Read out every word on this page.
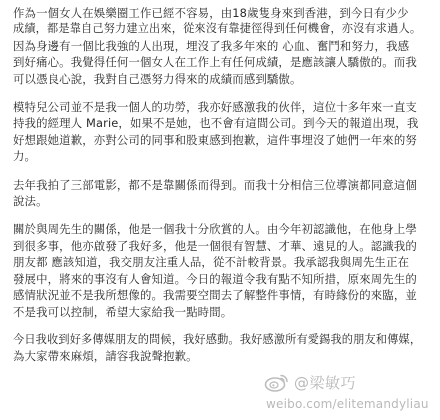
作為一個女人在娛樂圈工作已經不容易，由18歲隻身來到香港，到今日有少少
成績，都是靠自己努力建立出來，從來沒有靠捷徑得到任何機會，亦沒有求過人。
因為身邊有一個比我強的人出現，埋沒了我多年來的 心血、奮鬥和努力，我感
到好痛心。我覺得任何一個女人在工作上有任何成績，是應該讓人驕傲的。而我
可以憑良心說，我對自己憑努力得來的成績而感到驕傲。

模特兒公司並不是我一個人的功勞，我亦好感激我的伙伴，這位十多年來一直支
持我的經理人 Marie，如果不是她，也不會有這間公司。到今天的報道出現，我
好想跟她道歉，亦對公司的同事和股東感到抱歉，這件事埋沒了她們一年來的努
力。

去年我拍了三部電影，都不是靠關係而得到。而我十分相信三位導演都同意這個
說法。

關於與周先生的關係，他是一個我十分欣賞的人。由今年初認識他，在他身上學
到很多事，他亦啟發了我好多，他是一個很有智慧、才華、遠見的人。認識我的
朋友都 應該知道，我交朋友注重人品，從不計較背景。我承認我與周先生正在
發展中，將來的事沒有人會知道。今日的報道令我有點不知所措，原來周先生的
感情狀況並不是我所想像的。我需要空間去了解整件事情，有時緣份的來臨，並
不是我可以控制，希望大家給我一點時間。

今日我收到好多傳媒朋友的問候，我好感動。我好感激所有愛錫我的朋友和傳媒，
為大家帶來麻煩，請容我說聲抱歉。

@梁敏巧
weibo.com/elitemandyliau
